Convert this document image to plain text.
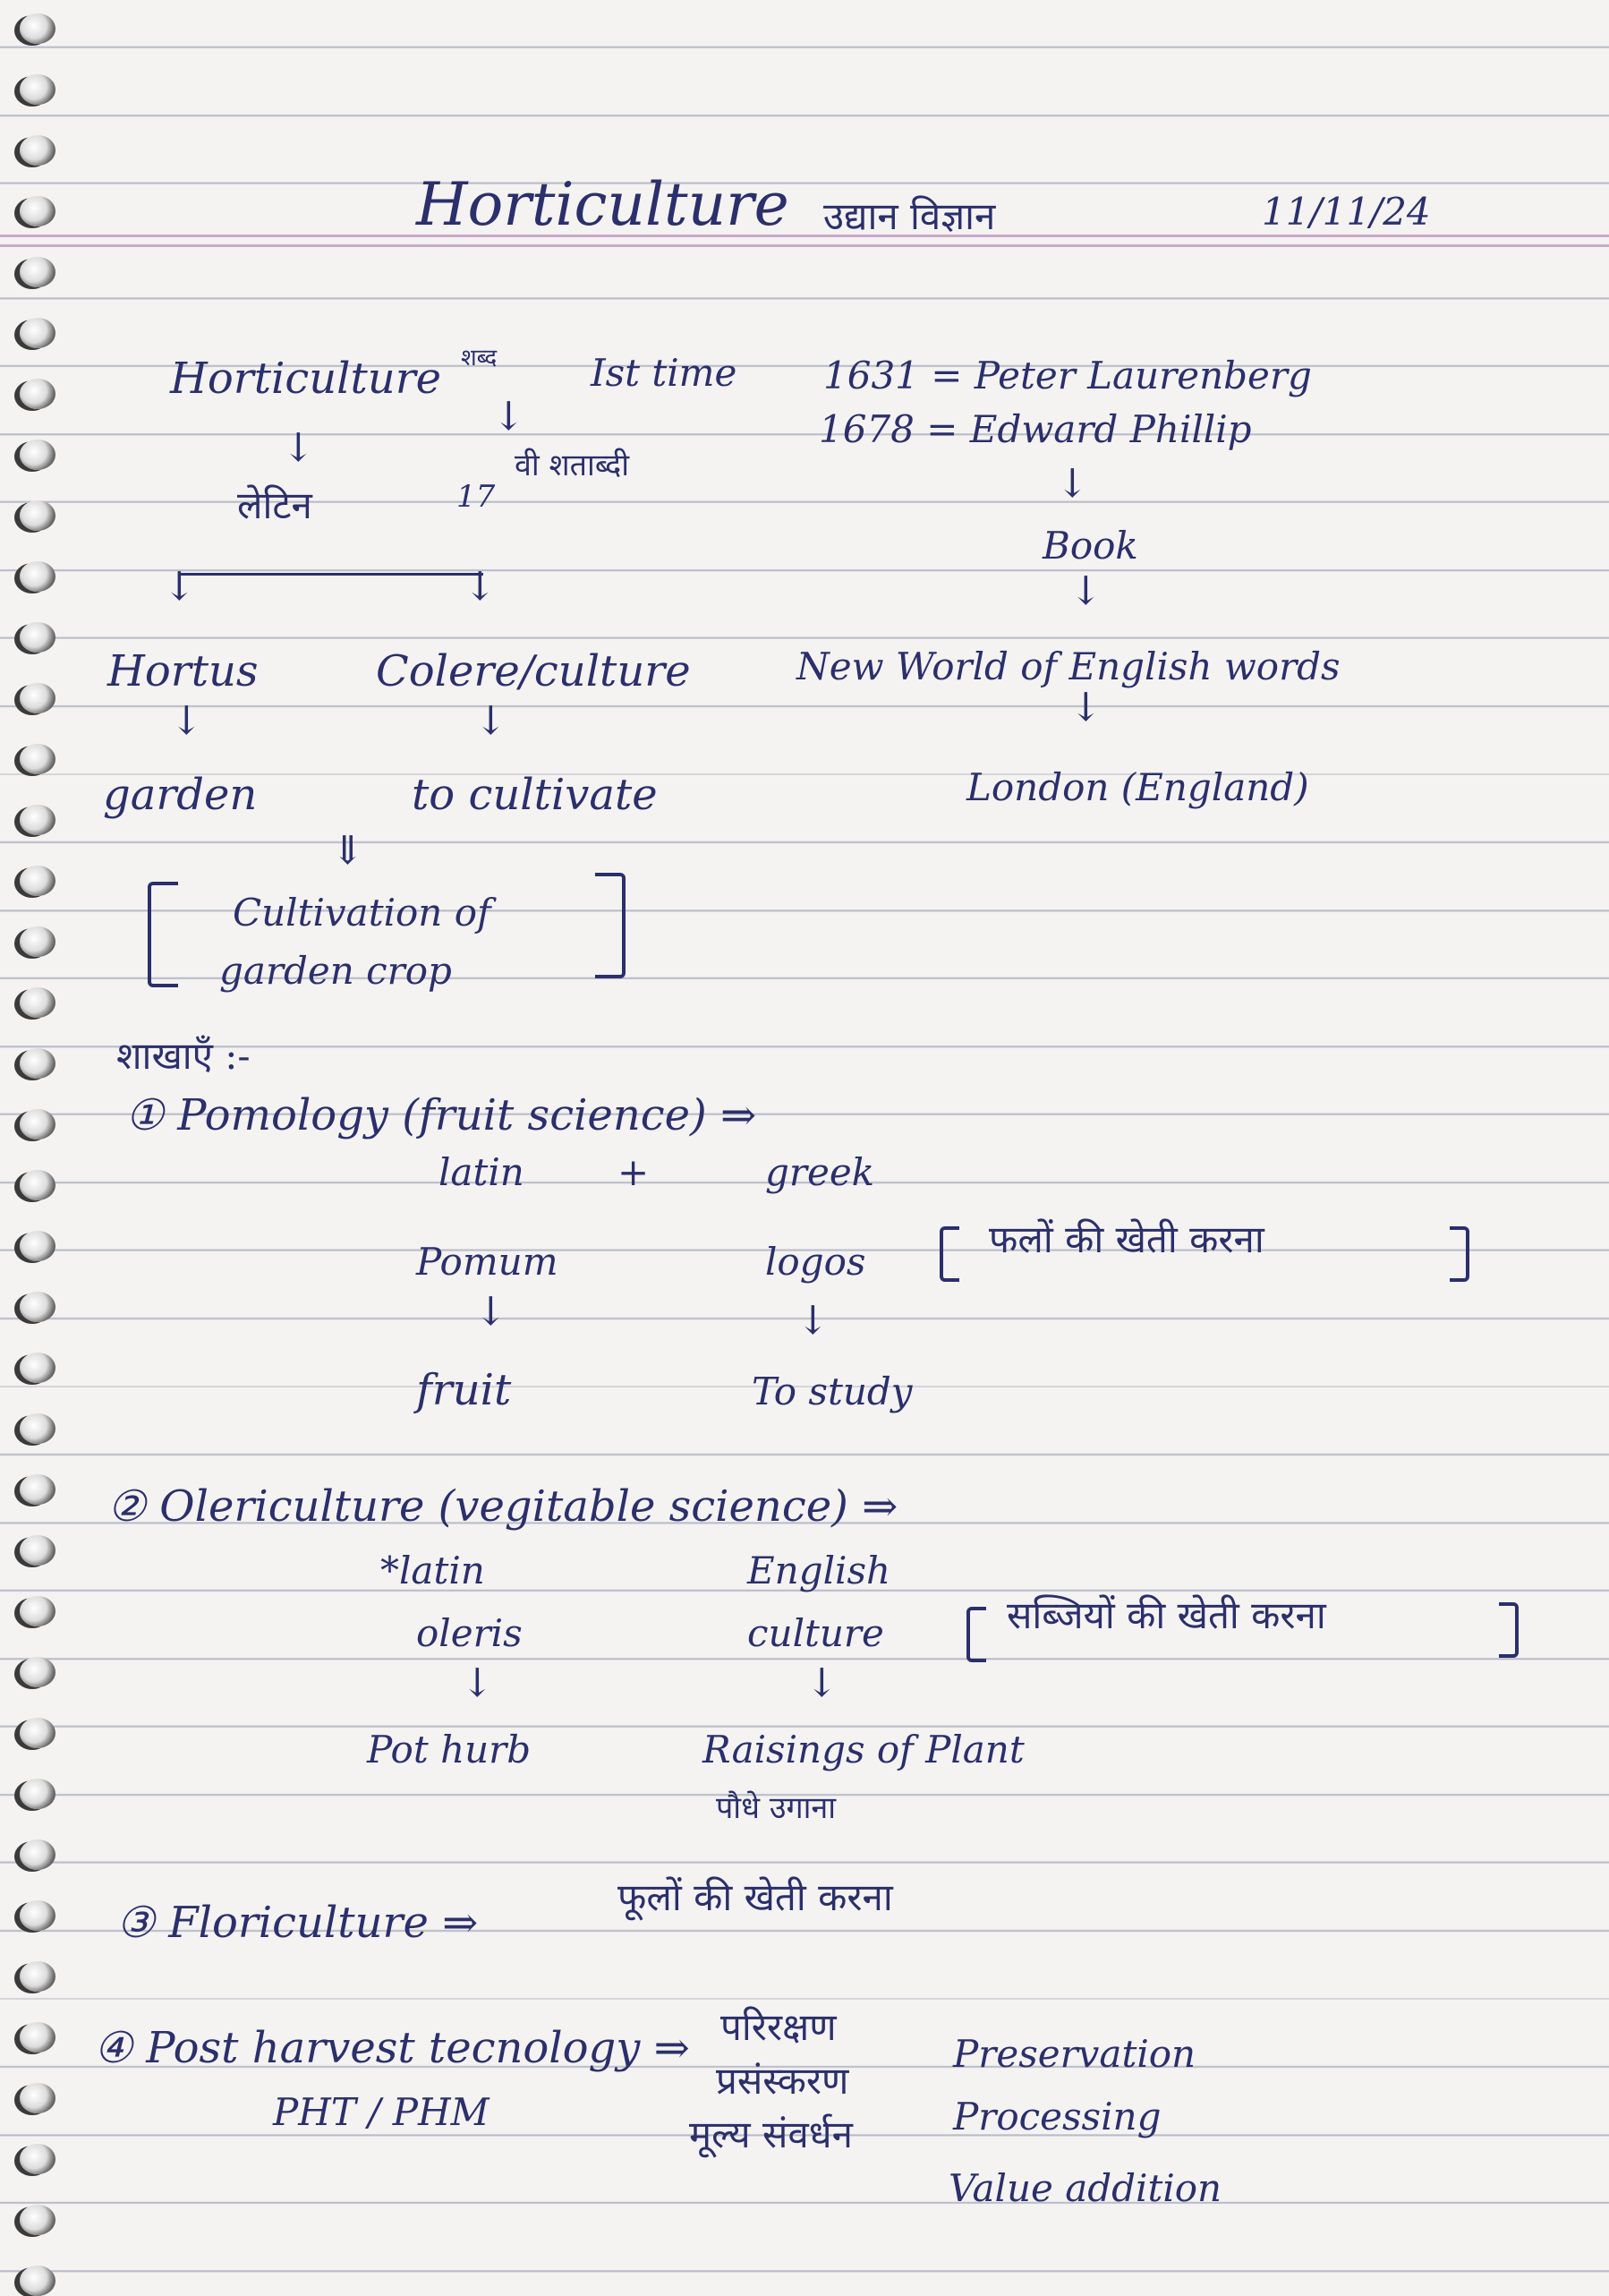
Horticulture उद्यान विज्ञान	11/11/24
Horticulture शब्द Ist time
↓
↓
लेटिन	17
वी शताब्दी
1631 = Peter Laurenberg
1678 = Edward Phillip
↓
Book
↓
New World of English words
↓
London (England)
↓	↓
Hortus	Colere/culture
↓	↓
garden	to cultivate
⇓
Cultivation of
garden crop
शाखाएँ :-
① Pomology (fruit science) ⇒
latin +	greek
Pomum	logos
↓	↓
fruit	To study
फलों की खेती करना
② Olericulture (vegitable science) ⇒
*latin	English
oleris	culture	सब्जियों की खेती करना
↓	↓
Pot hurb	Raisings of Plant
पौधे उगाना
③ Floriculture ⇒
फूलों की खेती करना
④ Post harvest tecnology ⇒
PHT / PHM
परिरक्षण
प्रसंस्करण
मूल्य संवर्धन
Preservation
Processing
Value addition
